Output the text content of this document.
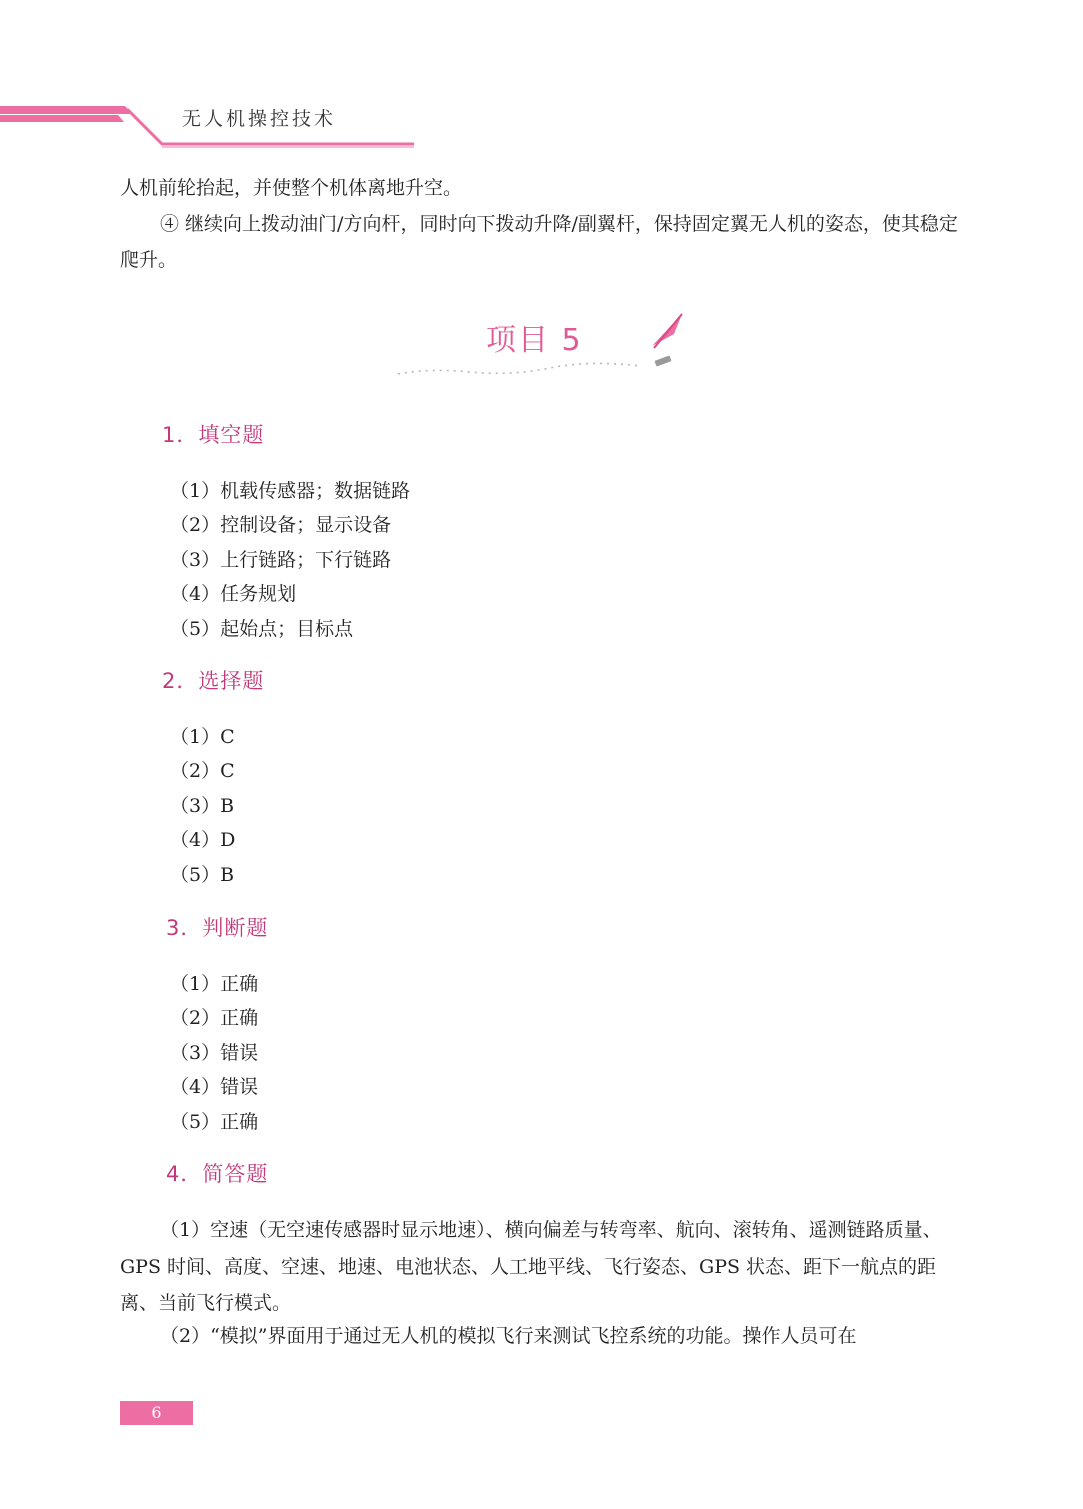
无人机操控技术
人机前轮抬起，并使整个机体离地升空。
④ 继续向上拨动油门/方向杆，同时向下拨动升降/副翼杆，保持固定翼无人机的姿态，使其稳定爬升。
项目 5
1．填空题
（1）机载传感器；数据链路
（2）控制设备；显示设备
（3）上行链路；下行链路
（4）任务规划
（5）起始点；目标点
2．选择题
（1）C
（2）C
（3）B
（4）D
（5）B
3．判断题
（1）正确
（2）正确
（3）错误
（4）错误
（5）正确
4．简答题
（1）空速（无空速传感器时显示地速）、横向偏差与转弯率、航向、滚转角、遥测链路质量、GPS 时间、高度、空速、地速、电池状态、人工地平线、飞行姿态、GPS 状态、距下一航点的距离、当前飞行模式。
（2）“模拟”界面用于通过无人机的模拟飞行来测试飞控系统的功能。操作人员可在
6
